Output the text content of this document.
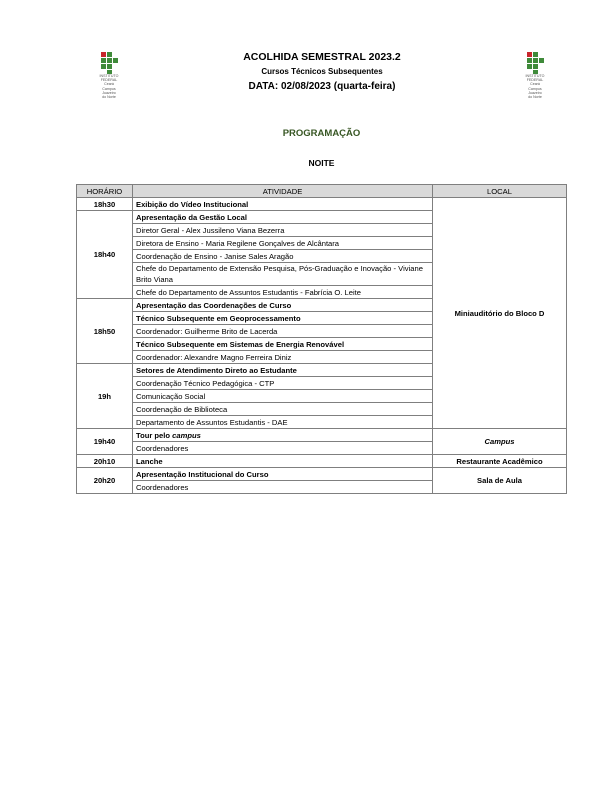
INSTITUTO
FEDERAL
Ceará
Campus
Juazeiro
do Norte
INSTITUTO
FEDERAL
Ceará
Campus
Juazeiro
do Norte
ACOLHIDA SEMESTRAL 2023.2
Cursos Técnicos Subsequentes
DATA: 02/08/2023 (quarta-feira)
PROGRAMAÇÃO
NOITE
HORÁRIO	ATIVIDADE	LOCAL
18h30	Exibição do Vídeo Institucional	Miniauditório do Bloco D
18h40	Apresentação da Gestão Local	
	Diretor Geral - Alex Jussileno Viana Bezerra	
	Diretora de Ensino - Maria Regilene Gonçalves de Alcântara	
	Coordenação de Ensino - Janise Sales Aragão	
	Chefe do Departamento de Extensão Pesquisa, Pós-Graduação e Inovação - Viviane Brito Viana	
	Chefe do Departamento de Assuntos Estudantis - Fabrícia O. Leite	
18h50	Apresentação das Coordenações de Curso	
	Técnico Subsequente em Geoprocessamento	
	Coordenador: Guilherme Brito de Lacerda	
	Técnico Subsequente em Sistemas de Energia Renovável	
	Coordenador: Alexandre Magno Ferreira Diniz	
19h	Setores de Atendimento Direto ao Estudante	
	Coordenação Técnico Pedagógica - CTP	
	Comunicação Social	
	Coordenação de Biblioteca	
	Departamento de Assuntos Estudantis - DAE	
19h40	Tour pelo campus	Campus
	Coordenadores	
20h10	Lanche	Restaurante Acadêmico
20h20	Apresentação Institucional do Curso	Sala de Aula
	Coordenadores	
